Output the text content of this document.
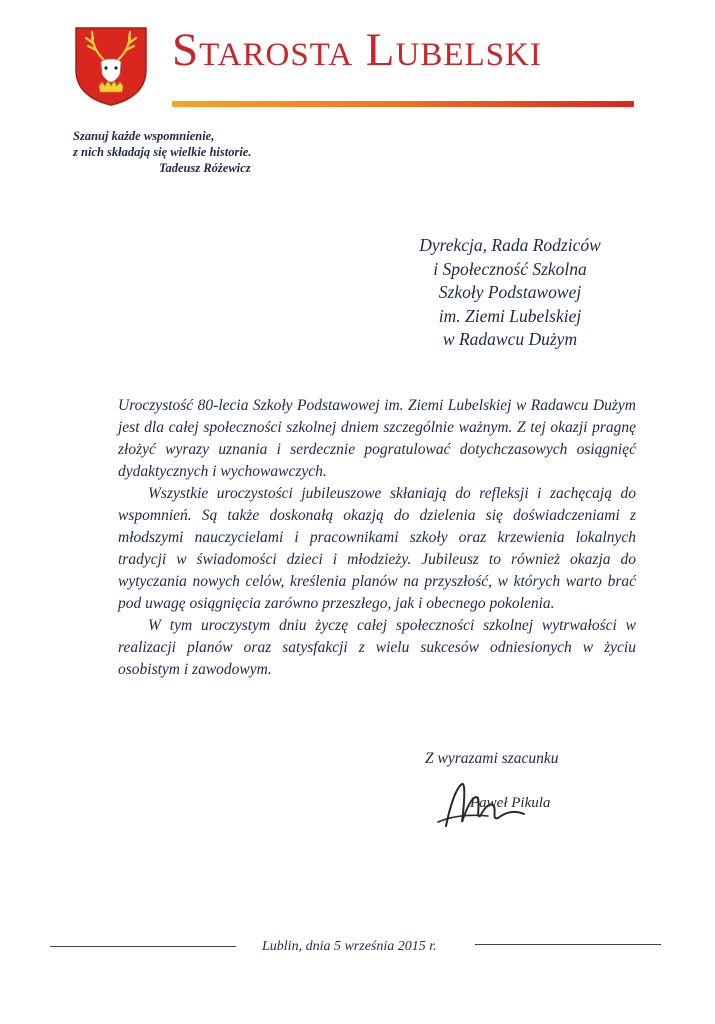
Starosta Lubelski
Szanuj każde wspomnienie,
z nich składają się wielkie historie.
Tadeusz Różewicz
Dyrekcja, Rada Rodziców
i Społeczność Szkolna
Szkoły Podstawowej
im. Ziemi Lubelskiej
w Radawcu Dużym

Uroczystość 80-lecia Szkoły Podstawowej im. Ziemi Lubelskiej w Radawcu Dużym jest dla całej społeczności szkolnej dniem szczególnie ważnym. Z tej okazji pragnę złożyć wyrazy uznania i serdecznie pogratulować dotychczasowych osiągnięć dydaktycznych i wychowawczych.

Wszystkie uroczystości jubileuszowe skłaniają do refleksji i zachęcają do wspomnień. Są także doskonałą okazją do dzielenia się doświadczeniami z młodszymi nauczycielami i pracownikami szkoły oraz krzewienia lokalnych tradycji w świadomości dzieci i młodzieży. Jubileusz to również okazja do wytyczania nowych celów, kreślenia planów na przyszłość, w których warto brać pod uwagę osiągnięcia zarówno przeszłego, jak i obecnego pokolenia.

W tym uroczystym dniu życzę całej społeczności szkolnej wytrwałości w realizacji planów oraz satysfakcji z wielu sukcesów odniesionych w życiu osobistym i zawodowym.

Z wyrazami szacunku
Paweł Pikula
Lublin, dnia 5 września 2015 r.
